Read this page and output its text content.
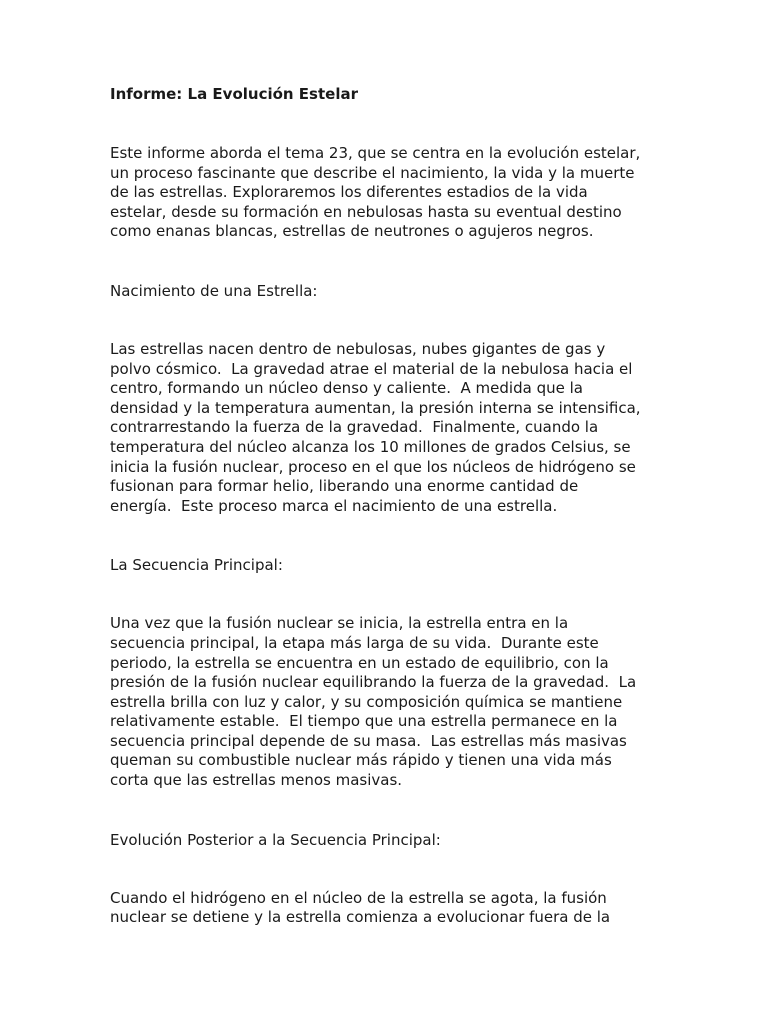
Informe: La Evolución Estelar

Este informe aborda el tema 23, que se centra en la evolución estelar,
un proceso fascinante que describe el nacimiento, la vida y la muerte
de las estrellas. Exploraremos los diferentes estadios de la vida
estelar, desde su formación en nebulosas hasta su eventual destino
como enanas blancas, estrellas de neutrones o agujeros negros.

Nacimiento de una Estrella:

Las estrellas nacen dentro de nebulosas, nubes gigantes de gas y
polvo cósmico.  La gravedad atrae el material de la nebulosa hacia el
centro, formando un núcleo denso y caliente.  A medida que la
densidad y la temperatura aumentan, la presión interna se intensifica,
contrarrestando la fuerza de la gravedad.  Finalmente, cuando la
temperatura del núcleo alcanza los 10 millones de grados Celsius, se
inicia la fusión nuclear, proceso en el que los núcleos de hidrógeno se
fusionan para formar helio, liberando una enorme cantidad de
energía.  Este proceso marca el nacimiento de una estrella.

La Secuencia Principal:

Una vez que la fusión nuclear se inicia, la estrella entra en la
secuencia principal, la etapa más larga de su vida.  Durante este
periodo, la estrella se encuentra en un estado de equilibrio, con la
presión de la fusión nuclear equilibrando la fuerza de la gravedad.  La
estrella brilla con luz y calor, y su composición química se mantiene
relativamente estable.  El tiempo que una estrella permanece en la
secuencia principal depende de su masa.  Las estrellas más masivas
queman su combustible nuclear más rápido y tienen una vida más
corta que las estrellas menos masivas.

Evolución Posterior a la Secuencia Principal:

Cuando el hidrógeno en el núcleo de la estrella se agota, la fusión
nuclear se detiene y la estrella comienza a evolucionar fuera de la
